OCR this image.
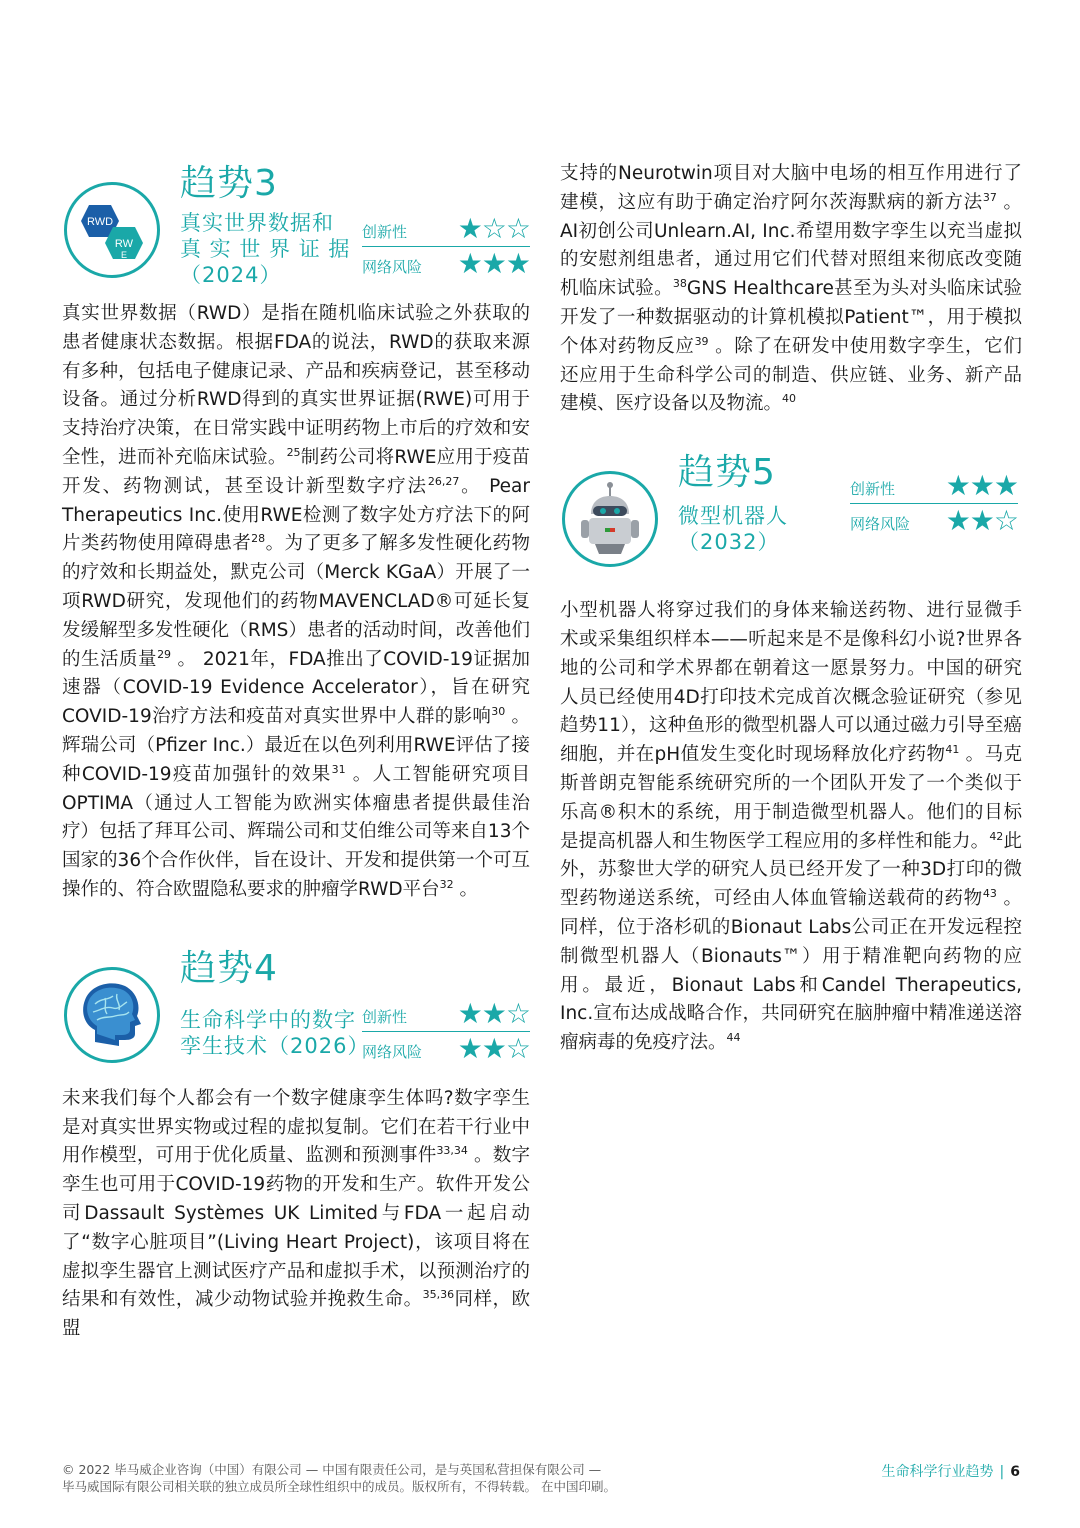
RWD
RW
E
趋势3
真实世界数据和
真 实 世 界 证 据
（2024）
创新性 ★☆☆
网络风险 ★★★

真实世界数据（RWD）是指在随机临床试验之外获取的患者健康状态数据。根据FDA的说法，RWD的获取来源有多种，包括电子健康记录、产品和疾病登记，甚至移动设备。通过分析RWD得到的真实世界证据(RWE)可用于支持治疗决策，在日常实践中证明药物上市后的疗效和安全性，进而补充临床试验。$^{25}$制药公司将RWE应用于疫苗开发、药物测试，甚至设计新型数字疗法$^{26,27}$。 Pear Therapeutics Inc.使用RWE检测了数字处方疗法下的阿片类药物使用障碍患者$^{28}$。为了更多了解多发性硬化药物的疗效和长期益处，默克公司（Merck KGaA）开展了一项RWD研究，发现他们的药物MAVENCLAD®可延长复发缓解型多发性硬化（RMS）患者的活动时间，改善他们的生活质量$^{29}$ 。 2021年，FDA推出了COVID-19证据加速器（COVID-19 Evidence Accelerator），旨在研究COVID-19治疗方法和疫苗对真实世界中人群的影响$^{30}$ 。辉瑞公司（Pfizer Inc.）最近在以色列利用RWE评估了接种COVID-19疫苗加强针的效果$^{31}$ 。人工智能研究项目OPTIMA（通过人工智能为欧洲实体瘤患者提供最佳治疗）包括了拜耳公司、辉瑞公司和艾伯维公司等来自13个国家的36个合作伙伴，旨在设计、开发和提供第一个可互操作的、符合欧盟隐私要求的肿瘤学RWD平台$^{32}$ 。

趋势4
生命科学中的数字
孪生技术（2026）
创新性 ★★☆
网络风险 ★★☆

未来我们每个人都会有一个数字健康孪生体吗?数字孪生是对真实世界实物或过程的虚拟复制。它们在若干行业中用作模型，可用于优化质量、监测和预测事件$^{33,34}$ 。数字孪生也可用于COVID-19药物的开发和生产。软件开发公司Dassault Systèmes UK Limited与FDA一起启动了“数字心脏项目”(Living Heart Project)，该项目将在虚拟孪生器官上测试医疗产品和虚拟手术，以预测治疗的结果和有效性，减少动物试验并挽救生命。$^{35,36}$同样，欧盟

支持的Neurotwin项目对大脑中电场的相互作用进行了建模，这应有助于确定治疗阿尔茨海默病的新方法$^{37}$ 。 AI初创公司Unlearn.AI, Inc.希望用数字孪生以充当虚拟的安慰剂组患者，通过用它们代替对照组来彻底改变随机临床试验。$^{38}$GNS Healthcare甚至为头对头临床试验开发了一种数据驱动的计算机模拟Patient™，用于模拟个体对药物反应$^{39}$ 。除了在研发中使用数字孪生，它们还应用于生命科学公司的制造、供应链、业务、新产品建模、医疗设备以及物流。$^{40}$

趋势5
微型机器人
（2032）
创新性 ★★★
网络风险 ★★☆

小型机器人将穿过我们的身体来输送药物、进行显微手术或采集组织样本——听起来是不是像科幻小说?世界各地的公司和学术界都在朝着这一愿景努力。中国的研究人员已经使用4D打印技术完成首次概念验证研究（参见趋势11），这种鱼形的微型机器人可以通过磁力引导至癌细胞，并在pH值发生变化时现场释放化疗药物$^{41}$ 。马克斯普朗克智能系统研究所的一个团队开发了一个类似于乐高®积木的系统，用于制造微型机器人。他们的目标是提高机器人和生物医学工程应用的多样性和能力。$^{42}$此外，苏黎世大学的研究人员已经开发了一种3D打印的微型药物递送系统，可经由人体血管输送载荷的药物$^{43}$ 。同样，位于洛杉矶的Bionaut Labs公司正在开发远程控制微型机器人（Bionauts™）用于精准靶向药物的应用。最近，Bionaut Labs和Candel Therapeutics, Inc.宣布达成战略合作，共同研究在脑肿瘤中精准递送溶瘤病毒的免疫疗法。$^{44}$

© 2022 毕马威企业咨询（中国）有限公司 — 中国有限责任公司，是与英国私营担保有限公司 —
毕马威国际有限公司相关联的独立成员所全球性组织中的成员。版权所有，不得转载。 在中国印刷。
生命科学行业趋势 | 6
